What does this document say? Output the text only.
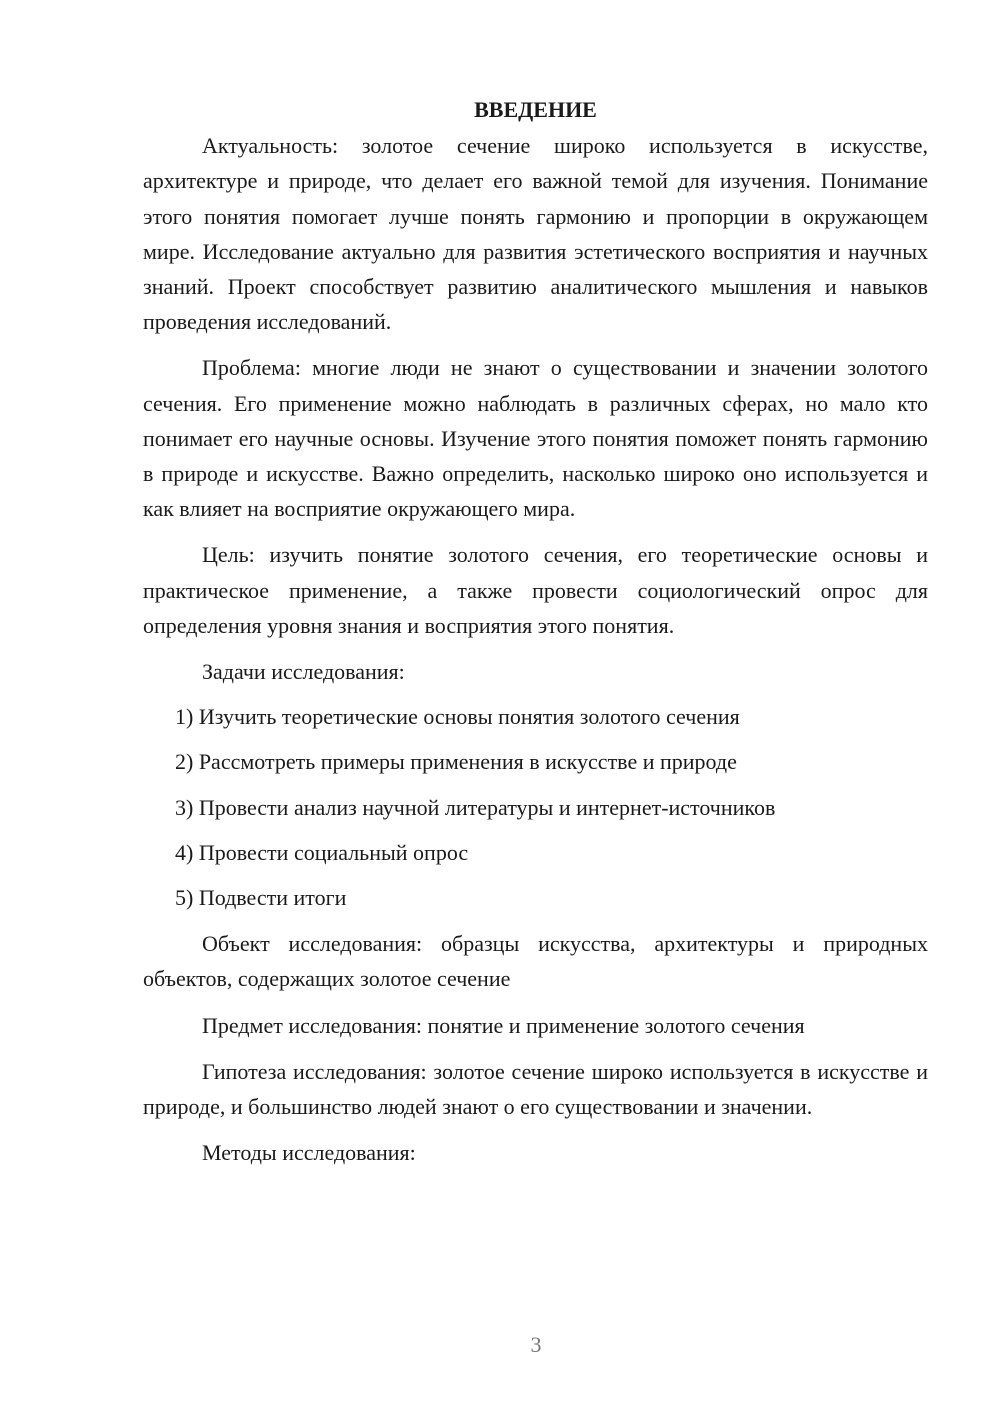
ВВЕДЕНИЕ

Актуальность: золотое сечение широко используется в искусстве, архитектуре и природе, что делает его важной темой для изучения. Понимание этого понятия помогает лучше понять гармонию и пропорции в окружающем мире. Исследование актуально для развития эстетического восприятия и научных знаний. Проект способствует развитию аналитического мышления и навыков проведения исследований.

Проблема: многие люди не знают о существовании и значении золотого сечения. Его применение можно наблюдать в различных сферах, но мало кто понимает его научные основы. Изучение этого понятия поможет понять гармонию в природе и искусстве. Важно определить, насколько широко оно используется и как влияет на восприятие окружающего мира.

Цель: изучить понятие золотого сечения, его теоретические основы и практическое применение, а также провести социологический опрос для определения уровня знания и восприятия этого понятия.

Задачи исследования:

1) Изучить теоретические основы понятия золотого сечения

2) Рассмотреть примеры применения в искусстве и природе

3) Провести анализ научной литературы и интернет-источников

4) Провести социальный опрос

5) Подвести итоги

Объект исследования: образцы искусства, архитектуры и природных объектов, содержащих золотое сечение

Предмет исследования: понятие и применение золотого сечения

Гипотеза исследования: золотое сечение широко используется в искусстве и природе, и большинство людей знают о его существовании и значении.

Методы исследования:

3
